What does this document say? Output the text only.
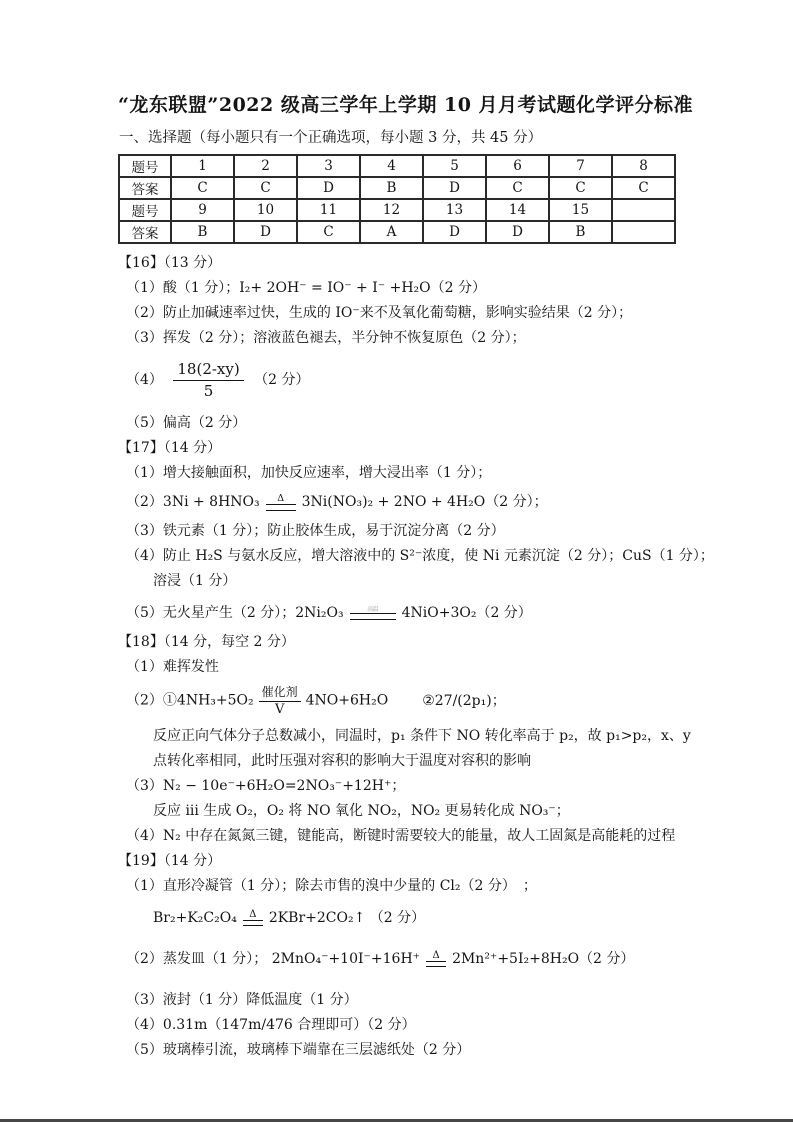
“龙东联盟”2022 级高三学年上学期 10 月月考试题化学评分标准
一、选择题（每小题只有一个正确选项，每小题 3 分，共 45 分）
题号	1	2	3	4	5	6	7	8
答案	C	C	D	B	D	C	C	C
题号	9	10	11	12	13	14	15	
答案	B	D	C	A	D	D	B	
【16】（13 分）
（1）酸（1 分）；I₂+ 2OH⁻ = IO⁻ + I⁻ +H₂O（2 分）
（2）防止加碱速率过快，生成的 IO⁻来不及氧化葡萄糖，影响实验结果（2 分）；
（3）挥发（2 分）；溶液蓝色褪去，半分钟不恢复原色（2 分）；
$(4) \frac{18(2-xy)}{5} (2$ 分）
（5）偏高（2 分）
【17】（14 分）
（1）增大接触面积，加快反应速率，增大浸出率（1 分）；
（2）3Ni + 8HNO₃ Δ 3Ni(NO₃)₂ + 2NO + 4H₂O（2 分）；
（3）铁元素（1 分）；防止胶体生成，易于沉淀分离（2 分）
（4）防止 H₂S 与氨水反应，增大溶液中的 S²⁻浓度，使 Ni 元素沉淀（2 分）；CuS（1 分）；
溶浸（1 分）
（5）无火星产生（2 分）；2Ni₂O₃	高温 4NiO+3O₂（2 分）
【18】（14 分，每空 2 分）
（1）难挥发性
（2）①4NH₃+5O₂ $\frac{\text{催化剂}}{V} 4NO+6H_2O$ ②27/(2p₁)；
反应正向气体分子总数减小，同温时，p₁ 条件下 NO 转化率高于 p₂，故 p₁>p₂，x、y
点转化率相同，此时压强对容积的影响大于温度对容积的影响
（3）N₂ − 10e⁻+6H₂O=2NO₃⁻+12H⁺；
反应 iii 生成 O₂，O₂ 将 NO 氧化 NO₂，NO₂ 更易转化成 NO₃⁻；
（4）N₂ 中存在氮氮三键，键能高，断键时需要较大的能量，故人工固氮是高能耗的过程
【19】（14 分）
（1）直形冷凝管（1 分）；除去市售的溴中少量的 Cl₂（2 分）　；
Br₂+K₂C₂O₄ Δ 2KBr+2CO₂↑ （2 分）
（2）蒸发皿（1 分）； 2MnO₄⁻+10I⁻+16H⁺ Δ 2Mn²⁺+5I₂+8H₂O（2 分）
（3）液封（1 分）降低温度（1 分）
（4）0.31m（147m/476 合理即可）（2 分）
（5）玻璃棒引流，玻璃棒下端靠在三层滤纸处（2 分）
